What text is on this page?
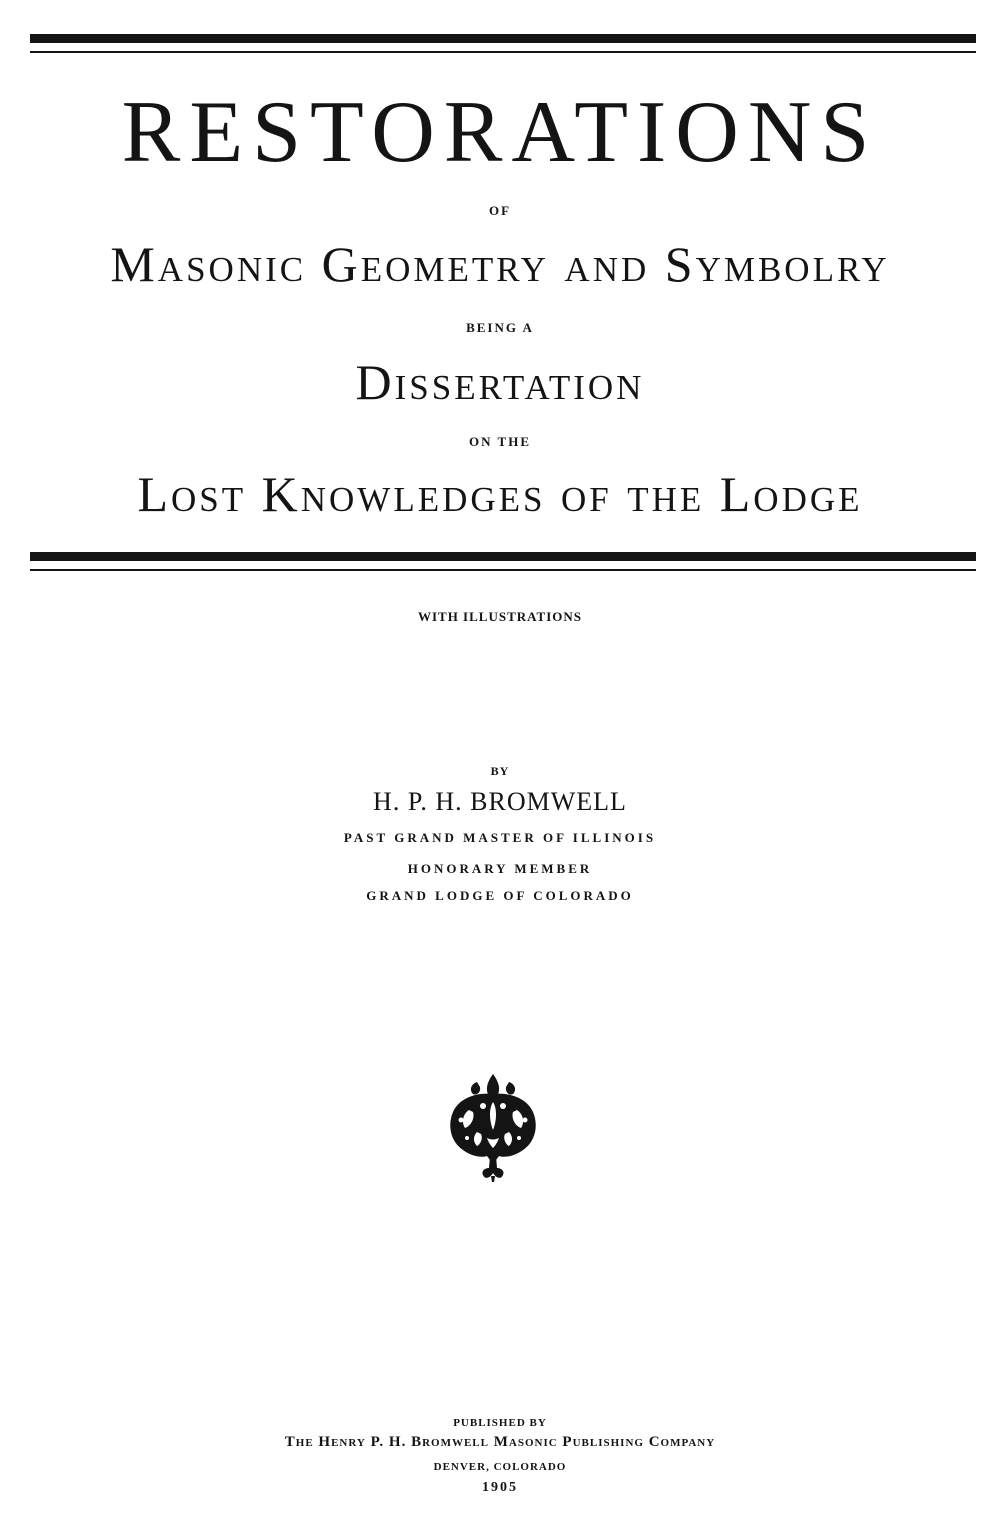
RESTORATIONS
OF
Masonic Geometry and Symbolry
BEING A
Dissertation
ON THE
Lost Knowledges of the Lodge
WITH ILLUSTRATIONS
BY
H. P. H. BROMWELL
PAST GRAND MASTER OF ILLINOIS
HONORARY MEMBER
GRAND LODGE OF COLORADO
PUBLISHED BY
The Henry P. H. Bromwell Masonic Publishing Company
DENVER, COLORADO
1905
